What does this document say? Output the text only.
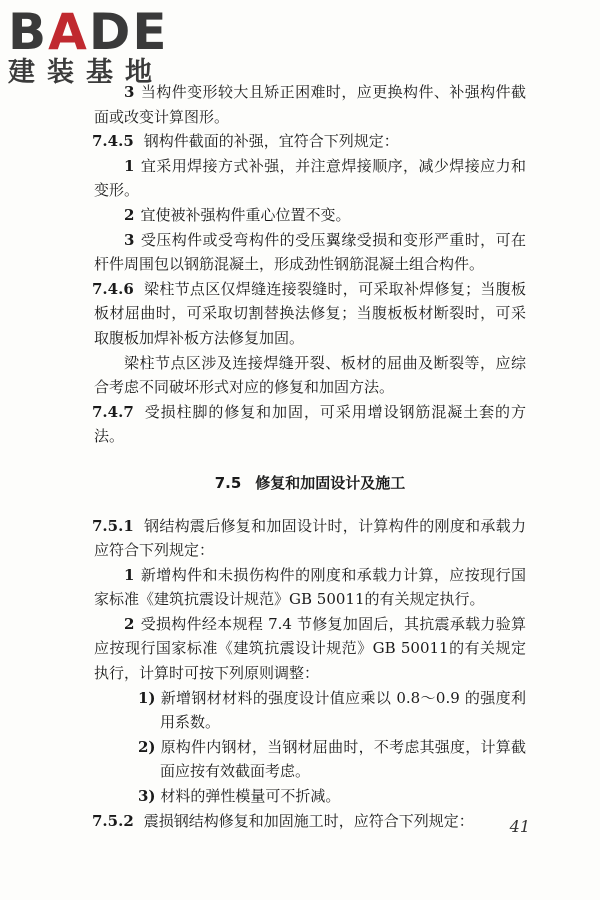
BADE
建装基地

3 当构件变形较大且矫正困难时，应更换构件、补强构件截面或改变计算图形。

7.4.5 钢构件截面的补强，宜符合下列规定：

1 宜采用焊接方式补强，并注意焊接顺序，减少焊接应力和变形。

2 宜使被补强构件重心位置不变。

3 受压构件或受弯构件的受压翼缘受损和变形严重时，可在杆件周围包以钢筋混凝土，形成劲性钢筋混凝土组合构件。

7.4.6 梁柱节点区仅焊缝连接裂缝时，可采取补焊修复；当腹板板材屈曲时，可采取切割替换法修复；当腹板板材断裂时，可采取腹板加焊补板方法修复加固。

梁柱节点区涉及连接焊缝开裂、板材的屈曲及断裂等，应综合考虑不同破坏形式对应的修复和加固方法。

7.4.7 受损柱脚的修复和加固，可采用增设钢筋混凝土套的方法。

7.5 修复和加固设计及施工

7.5.1 钢结构震后修复和加固设计时，计算构件的刚度和承载力应符合下列规定：

1 新增构件和未损伤构件的刚度和承载力计算，应按现行国家标准《建筑抗震设计规范》GB 50011的有关规定执行。

2 受损构件经本规程 7.4 节修复加固后，其抗震承载力验算应按现行国家标准《建筑抗震设计规范》GB 50011的有关规定执行，计算时可按下列原则调整：

1) 新增钢材材料的强度设计值应乘以 0.8～0.9 的强度利用系数。

2) 原构件内钢材，当钢材屈曲时，不考虑其强度，计算截面应按有效截面考虑。

3) 材料的弹性模量可不折减。

7.5.2 震损钢结构修复和加固施工时，应符合下列规定：	41
